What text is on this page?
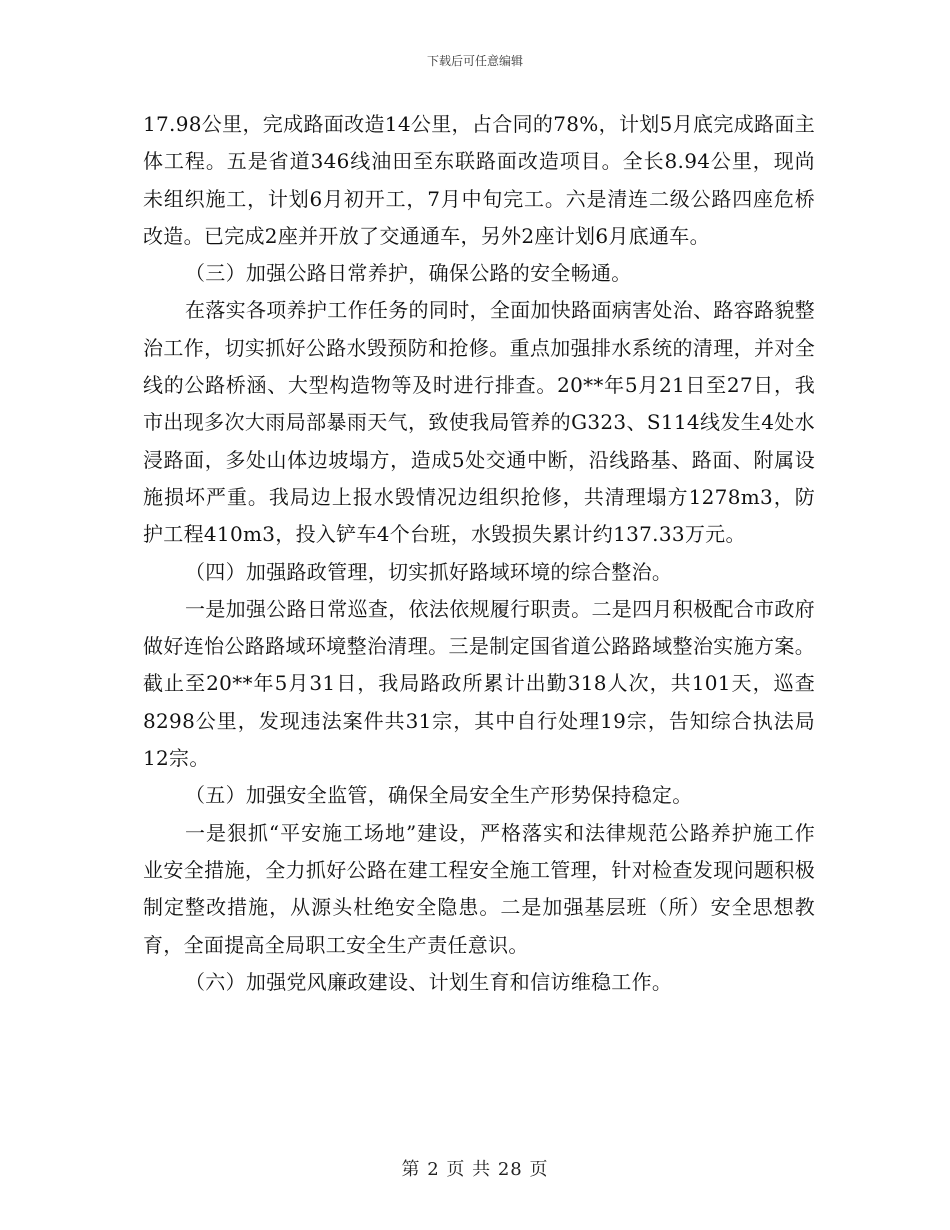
下载后可任意编辑

17.98公里，完成路面改造14公里，占合同的78%，计划5月底完成路面主体工程。五是省道346线油田至东联路面改造项目。全长8.94公里，现尚未组织施工，计划6月初开工，7月中旬完工。六是清连二级公路四座危桥改造。已完成2座并开放了交通通车，另外2座计划6月底通车。

（三）加强公路日常养护，确保公路的安全畅通。

在落实各项养护工作任务的同时，全面加快路面病害处治、路容路貌整治工作，切实抓好公路水毁预防和抢修。重点加强排水系统的清理，并对全线的公路桥涵、大型构造物等及时进行排查。20**年5月21日至27日，我市出现多次大雨局部暴雨天气，致使我局管养的G323、S114线发生4处水浸路面，多处山体边坡塌方，造成5处交通中断，沿线路基、路面、附属设施损坏严重。我局边上报水毁情况边组织抢修，共清理塌方1278m3，防护工程410m3，投入铲车4个台班，水毁损失累计约137.33万元。

（四）加强路政管理，切实抓好路域环境的综合整治。

一是加强公路日常巡查，依法依规履行职责。二是四月积极配合市政府做好连怡公路路域环境整治清理。三是制定国省道公路路域整治实施方案。截止至20**年5月31日，我局路政所累计出勤318人次，共101天，巡查8298公里，发现违法案件共31宗，其中自行处理19宗，告知综合执法局12宗。

（五）加强安全监管，确保全局安全生产形势保持稳定。

一是狠抓“平安施工场地”建设，严格落实和法律规范公路养护施工作业安全措施，全力抓好公路在建工程安全施工管理，针对检查发现问题积极制定整改措施，从源头杜绝安全隐患。二是加强基层班（所）安全思想教育，全面提高全局职工安全生产责任意识。

（六）加强党风廉政建设、计划生育和信访维稳工作。

第 2 页 共 28 页
